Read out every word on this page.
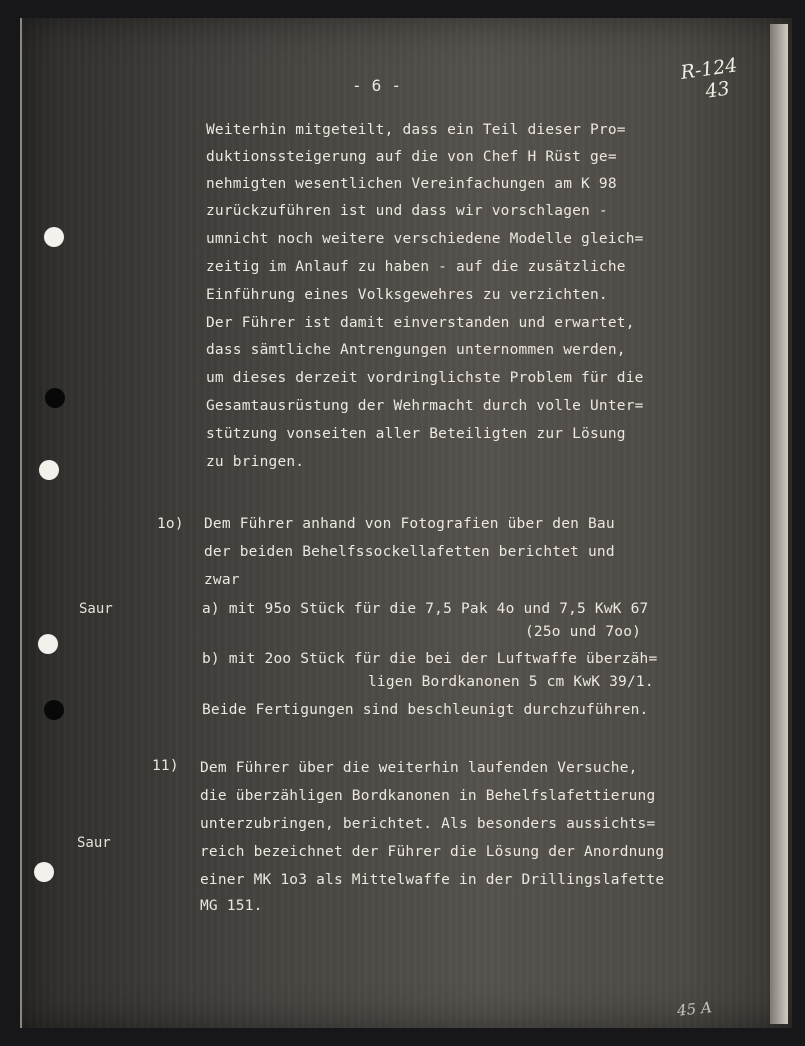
- 6 -
R-124
43
Weiterhin mitgeteilt, dass ein Teil dieser Pro=
duktionssteigerung auf die von Chef H Rüst ge=
nehmigten wesentlichen Vereinfachungen am K 98
zurückzuführen ist und dass wir vorschlagen -
umnicht noch weitere verschiedene Modelle gleich=
zeitig im Anlauf zu haben - auf die zusätzliche
Einführung eines Volksgewehres zu verzichten.
Der Führer ist damit einverstanden und erwartet,
dass sämtliche Antrengungen unternommen werden,
um dieses derzeit vordringlichste Problem für die
Gesamtausrüstung der Wehrmacht durch volle Unter=
stützung vonseiten aller Beteiligten zur Lösung
zu bringen.
1o) Dem Führer anhand von Fotografien über den Bau
der beiden Behelfssockellafetten berichtet und
zwar
Saur	a) mit 95o Stück für die 7,5 Pak 4o und 7,5 KwK 67
(25o und 7oo)
b) mit 2oo Stück für die bei der Luftwaffe überzäh=
ligen Bordkanonen 5 cm KwK 39/1.
Beide Fertigungen sind beschleunigt durchzuführen.
11) Dem Führer über die weiterhin laufenden Versuche,
die überzähligen Bordkanonen in Behelfslafettierung
unterzubringen, berichtet. Als besonders aussichts=
Saur
reich bezeichnet der Führer die Lösung der Anordnung
einer MK 1o3 als Mittelwaffe in der Drillingslafette
MG 151.
45 A
